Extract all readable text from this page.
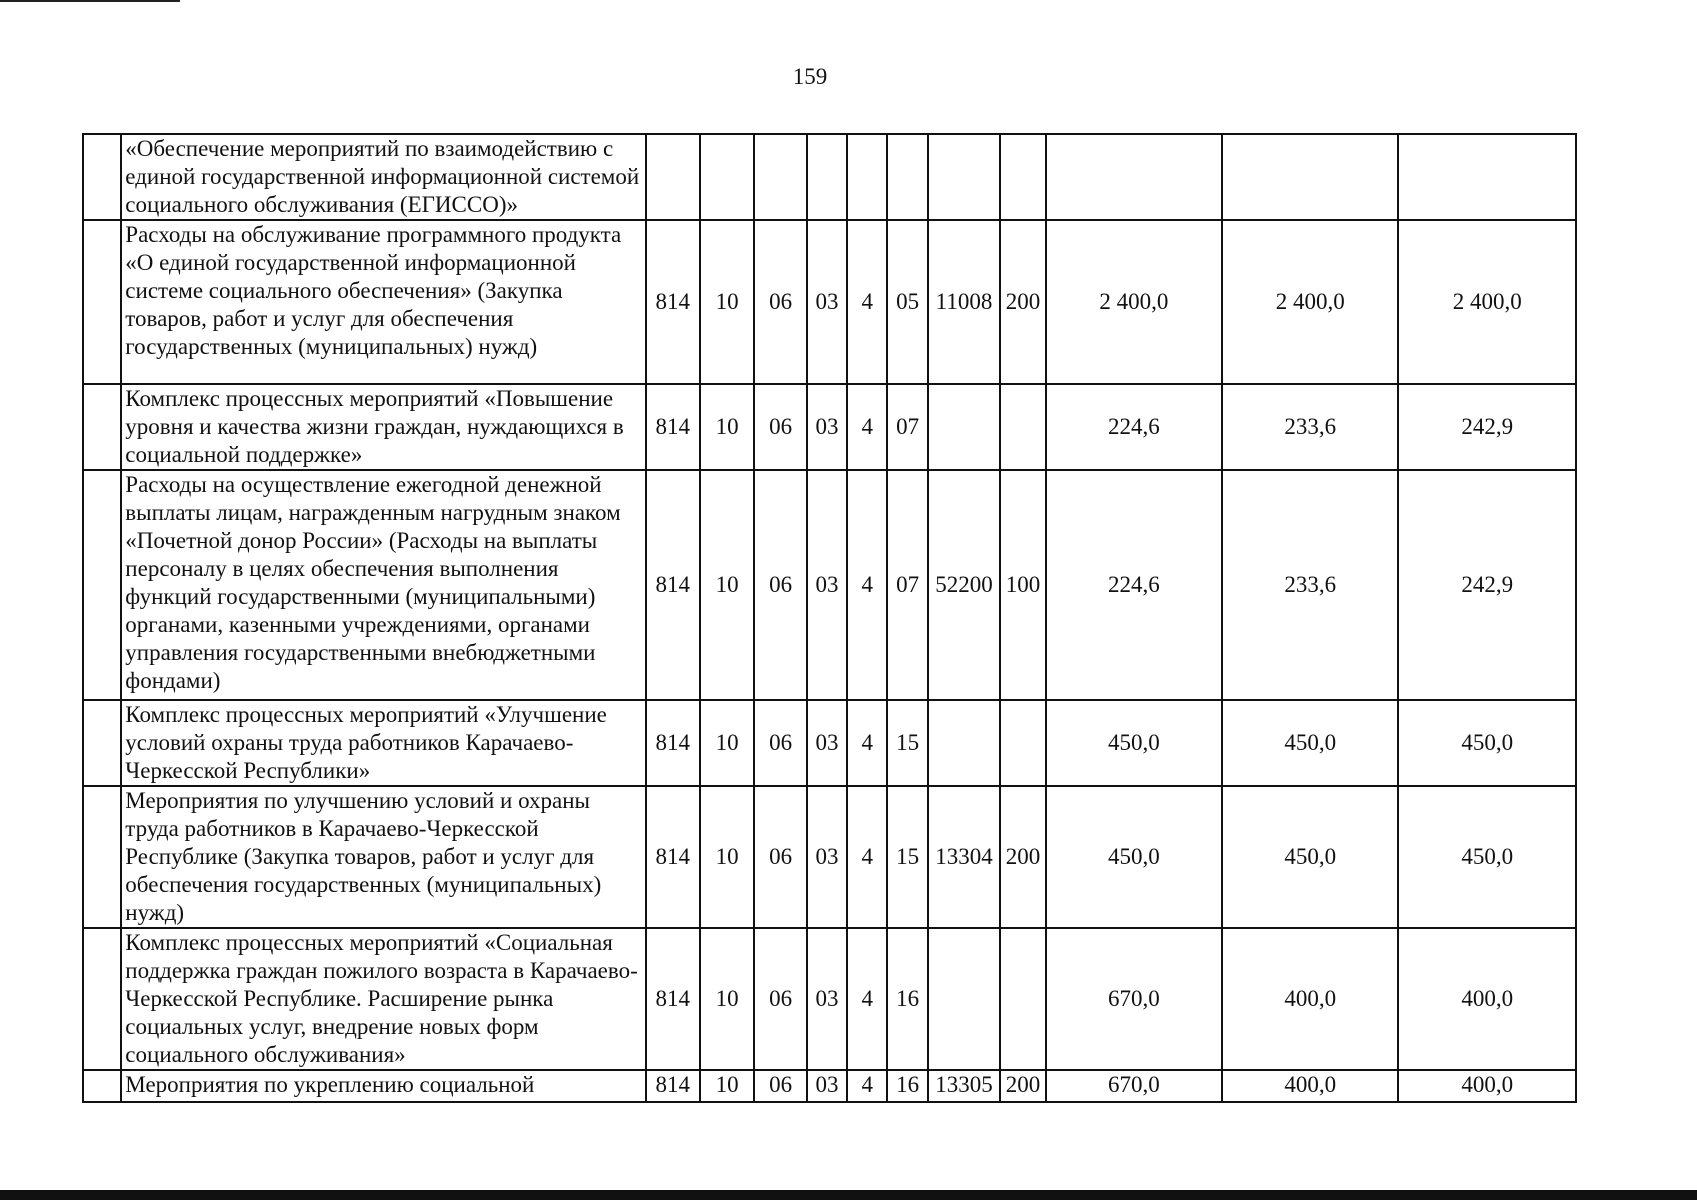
159
	«Обеспечение мероприятий по взаимодействию с единой государственной информационной системой социального обслуживания (ЕГИССО)»											
	Расходы на обслуживание программного продукта «О единой государственной информационной системе социального обеспечения» (Закупка товаров, работ и услуг для обеспечения государственных (муниципальных) нужд)	814	10	06	03	4	05	11008	200	2 400,0	2 400,0	2 400,0
	Комплекс процессных мероприятий «Повышение уровня и качества жизни граждан, нуждающихся в социальной поддержке»	814	10	06	03	4	07			224,6	233,6	242,9
	Расходы на осуществление ежегодной денежной выплаты лицам, награжденным нагрудным знаком «Почетной донор России» (Расходы на выплаты персоналу в целях обеспечения выполнения функций государственными (муниципальными) органами, казенными учреждениями, органами управления государственными внебюджетными фондами)	814	10	06	03	4	07	52200	100	224,6	233,6	242,9
	Комплекс процессных мероприятий «Улучшение условий охраны труда работников Карачаево-Черкесской Республики»	814	10	06	03	4	15			450,0	450,0	450,0
	Мероприятия по улучшению условий и охраны труда работников в Карачаево-Черкесской Республике (Закупка товаров, работ и услуг для обеспечения государственных (муниципальных) нужд)	814	10	06	03	4	15	13304	200	450,0	450,0	450,0
	Комплекс процессных мероприятий «Социальная поддержка граждан пожилого возраста в Карачаево-Черкесской Республике. Расширение рынка социальных услуг, внедрение новых форм социального обслуживания»	814	10	06	03	4	16			670,0	400,0	400,0
	Мероприятия по укреплению социальной	814	10	06	03	4	16	13305	200	670,0	400,0	400,0
